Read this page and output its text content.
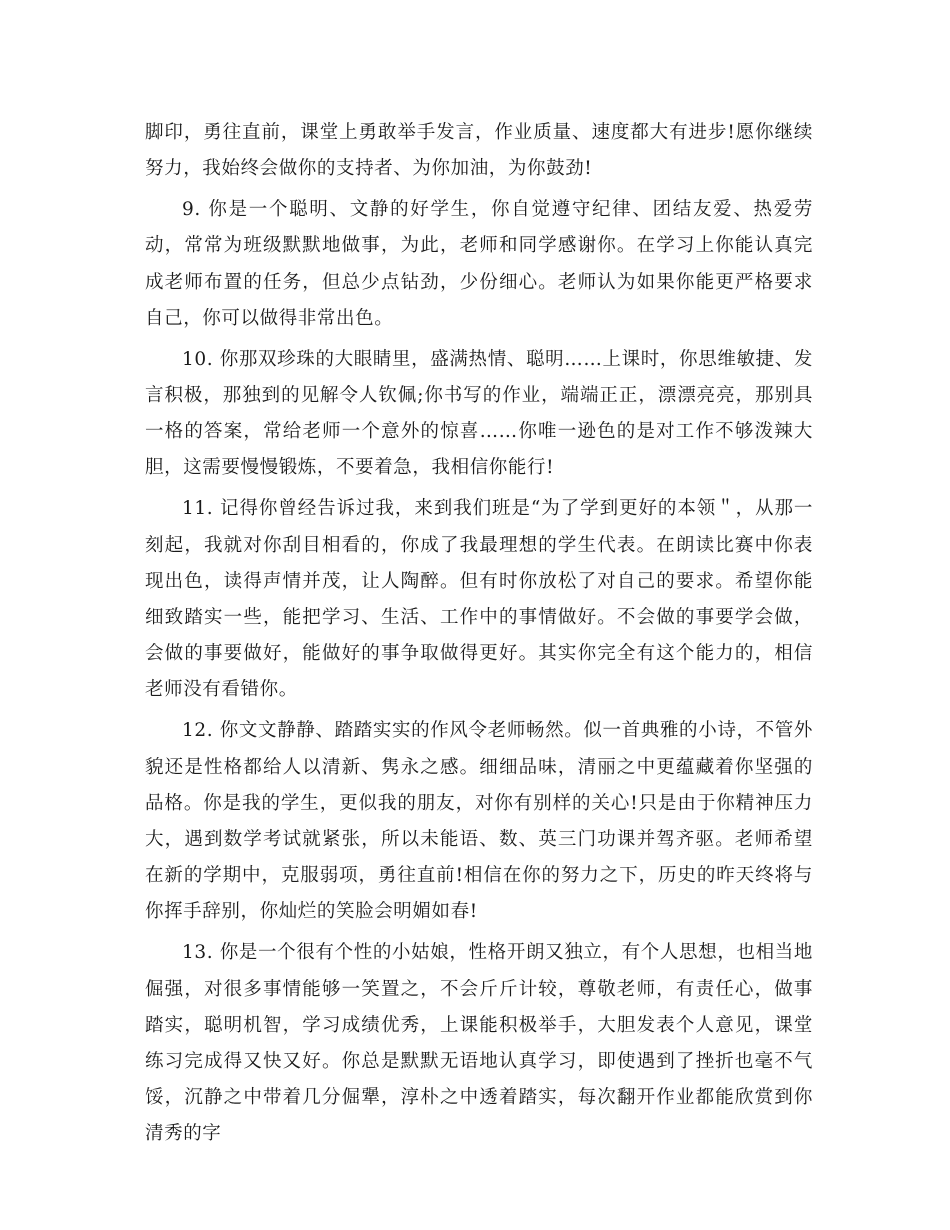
脚印，勇往直前，课堂上勇敢举手发言，作业质量、速度都大有进步!愿你继续努力，我始终会做你的支持者、为你加油，为你鼓劲!

9. 你是一个聪明、文静的好学生，你自觉遵守纪律、团结友爱、热爱劳动，常常为班级默默地做事，为此，老师和同学感谢你。在学习上你能认真完成老师布置的任务，但总少点钻劲，少份细心。老师认为如果你能更严格要求自己，你可以做得非常出色。

10. 你那双珍珠的大眼睛里，盛满热情、聪明……上课时，你思维敏捷、发言积极，那独到的见解令人钦佩;你书写的作业，端端正正，漂漂亮亮，那别具一格的答案，常给老师一个意外的惊喜……你唯一逊色的是对工作不够泼辣大胆，这需要慢慢锻炼，不要着急，我相信你能行!

11. 记得你曾经告诉过我，来到我们班是“为了学到更好的本领＂，从那一刻起，我就对你刮目相看的，你成了我最理想的学生代表。在朗读比赛中你表现出色，读得声情并茂，让人陶醉。但有时你放松了对自己的要求。希望你能细致踏实一些，能把学习、生活、工作中的事情做好。不会做的事要学会做，会做的事要做好，能做好的事争取做得更好。其实你完全有这个能力的，相信老师没有看错你。

12. 你文文静静、踏踏实实的作风令老师畅然。似一首典雅的小诗，不管外貌还是性格都给人以清新、隽永之感。细细品味，清丽之中更蕴藏着你坚强的品格。你是我的学生，更似我的朋友，对你有别样的关心!只是由于你精神压力大，遇到数学考试就紧张，所以未能语、数、英三门功课并驾齐驱。老师希望在新的学期中，克服弱项，勇往直前!相信在你的努力之下，历史的昨天终将与你挥手辞别，你灿烂的笑脸会明媚如春!

13. 你是一个很有个性的小姑娘，性格开朗又独立，有个人思想，也相当地倔强，对很多事情能够一笑置之，不会斤斤计较，尊敬老师，有责任心，做事踏实，聪明机智，学习成绩优秀，上课能积极举手，大胆发表个人意见，课堂练习完成得又快又好。你总是默默无语地认真学习，即使遇到了挫折也毫不气馁，沉静之中带着几分倔犟，淳朴之中透着踏实，每次翻开作业都能欣赏到你清秀的字
